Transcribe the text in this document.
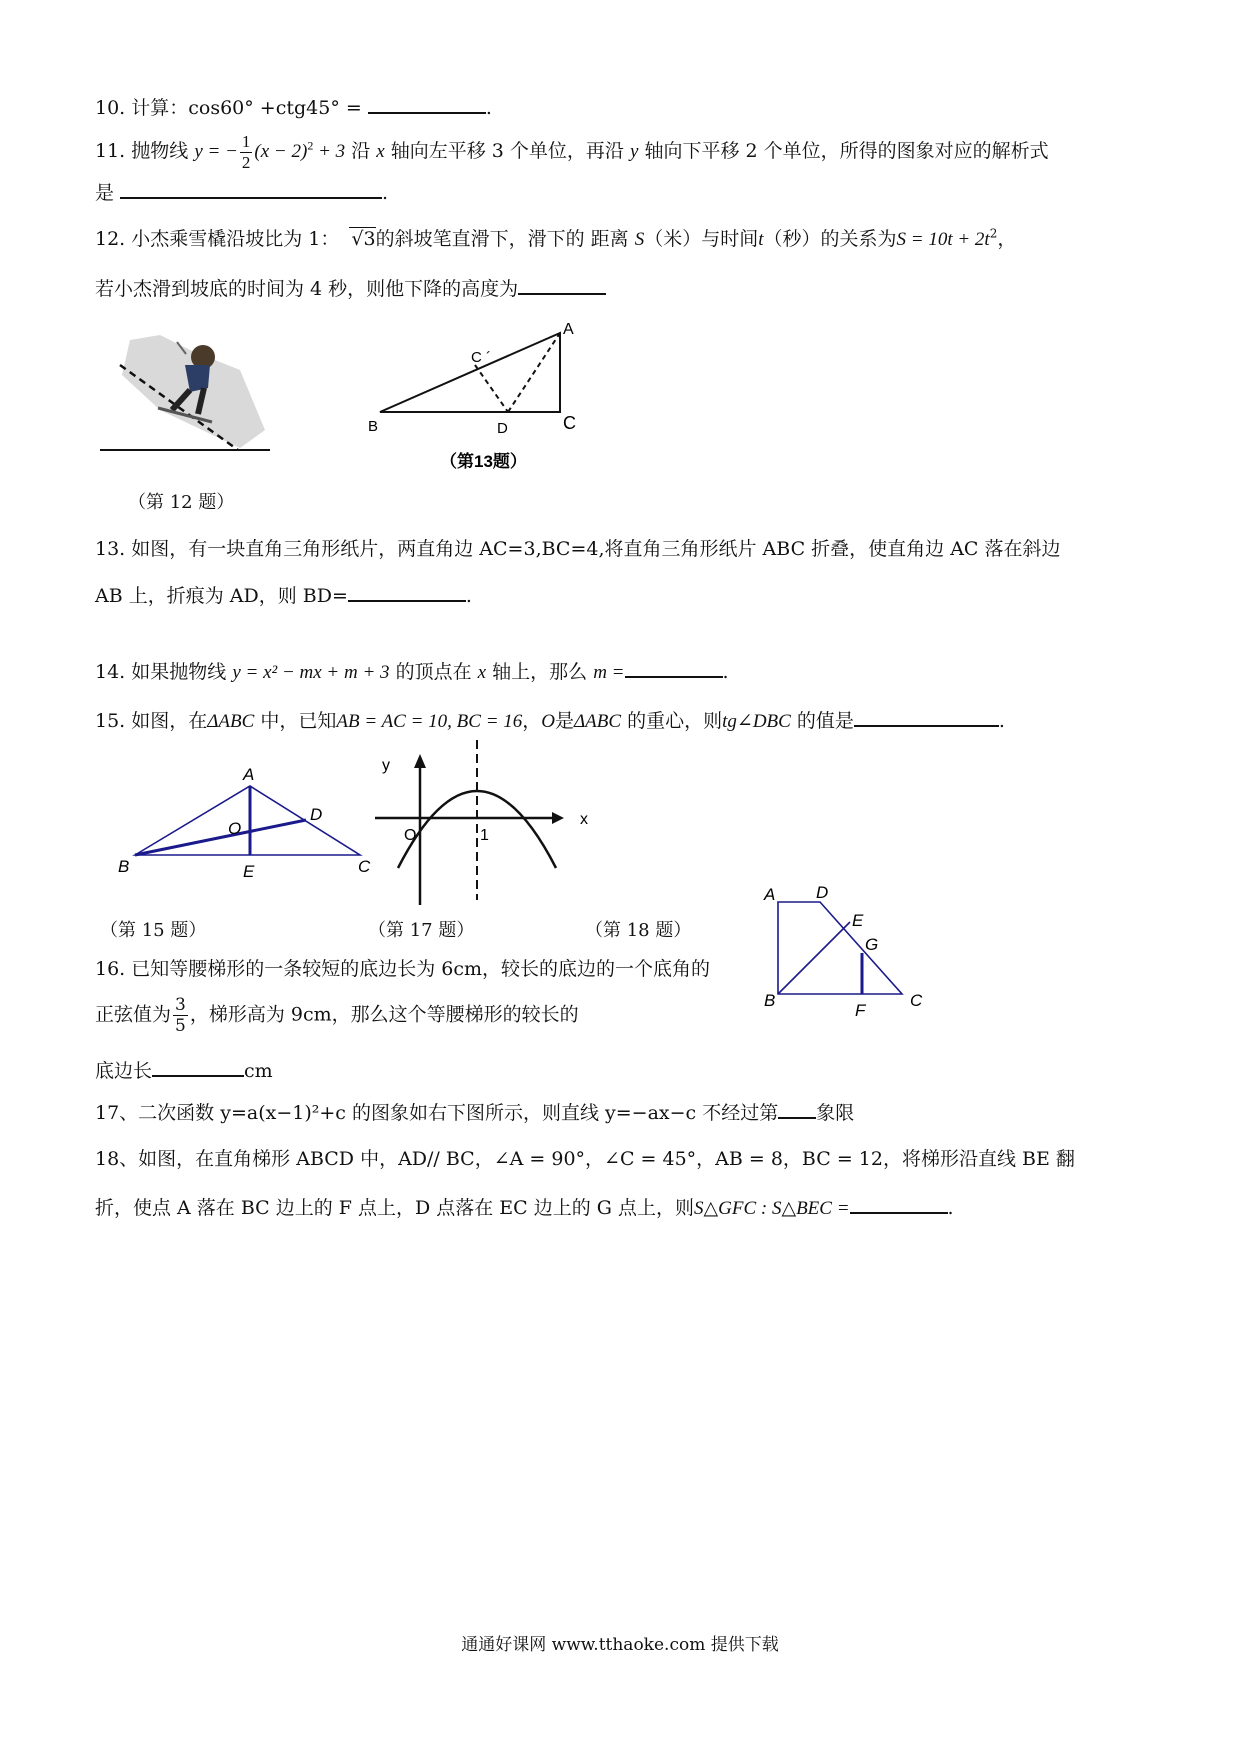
10. 计算：cos60° +ctg45° =	.
11. 抛物线 y = − $\frac{1}{2} (x - 2)^2 + 3$ 沿 x 轴向左平移 3 个单位，再沿 y 轴向下平移 2 个单位，所得的图象对应的解析式
是	.
12. 小杰乘雪橇沿坡比为 1： √
3的斜坡笔直滑下，滑下的 距离 S（米）与时间t（秒）的关系为$S = 10t + 2t^2$，
若小杰滑到坡底的时间为 4 秒，则他下降的高度为
（第 12 题）
A
B	C
D
C ´
（第13题）
13. 如图，有一块直角三角形纸片，两直角边 AC=3,BC=4,将直角三角形纸片 ABC 折叠，使直角边 AC 落在斜边
AB 上，折痕为 AD，则 BD=	.
14. 如果抛物线 y = x² − mx + m + 3 的顶点在 x 轴上，那么 m =	.
15. 如图，在ΔABC 中，已知AB = AC = 10, BC = 16，O是ΔABC 的重心，则tg∠DBC 的值是	.
A
B	C
D
E
O
y
x
O	1
A
B	C
D
E
F
G
（第 15 题）	（第 17 题）	（第 18 题）
16. 已知等腰梯形的一条较短的底边长为 6cm，较长的底边的一个底角的
正弦值为 $\frac{3}{5}$ ，梯形高为 9cm，那么这个等腰梯形的较长的
底边长	cm
17、二次函数 y=a(x−1)²+c 的图象如右下图所示，则直线 y=−ax−c 不经过第 象限
18、如图，在直角梯形 ABCD 中，AD// BC，∠A = 90°，∠C = 45°，AB = 8，BC = 12，将梯形沿直线 BE 翻
折，使点 A 落在 BC 边上的 F 点上，D 点落在 EC 边上的 G 点上，则S△GFC : S△BEC =	.
通通好课网 www.tthaoke.com 提供下载
